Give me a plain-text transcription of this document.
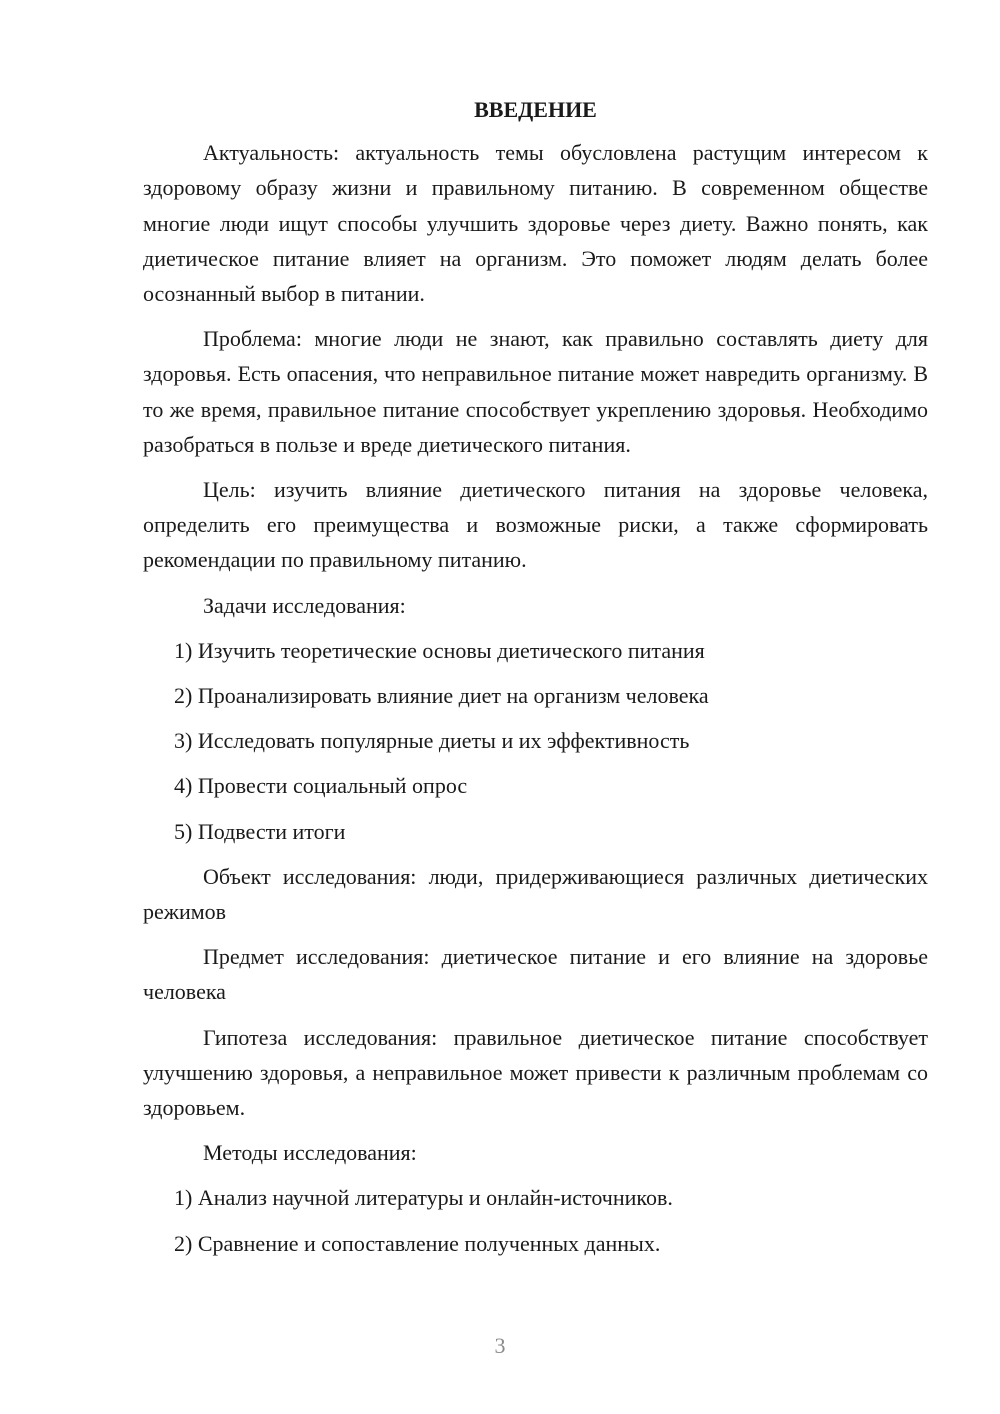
ВВЕДЕНИЕ
Актуальность: актуальность темы обусловлена растущим интересом к здоровому образу жизни и правильному питанию. В современном обществе многие люди ищут способы улучшить здоровье через диету. Важно понять, как диетическое питание влияет на организм. Это поможет людям делать более осознанный выбор в питании.
Проблема: многие люди не знают, как правильно составлять диету для здоровья. Есть опасения, что неправильное питание может навредить организму. В то же время, правильное питание способствует укреплению здоровья. Необходимо разобраться в пользе и вреде диетического питания.
Цель: изучить влияние диетического питания на здоровье человека, определить его преимущества и возможные риски, а также сформировать рекомендации по правильному питанию.
Задачи исследования:
1) Изучить теоретические основы диетического питания
2) Проанализировать влияние диет на организм человека
3) Исследовать популярные диеты и их эффективность
4) Провести социальный опрос
5) Подвести итоги
Объект исследования: люди, придерживающиеся различных диетических режимов
Предмет исследования: диетическое питание и его влияние на здоровье человека
Гипотеза исследования: правильное диетическое питание способствует улучшению здоровья, а неправильное может привести к различным проблемам со здоровьем.
Методы исследования:
1) Анализ научной литературы и онлайн-источников.
2) Сравнение и сопоставление полученных данных.
3
